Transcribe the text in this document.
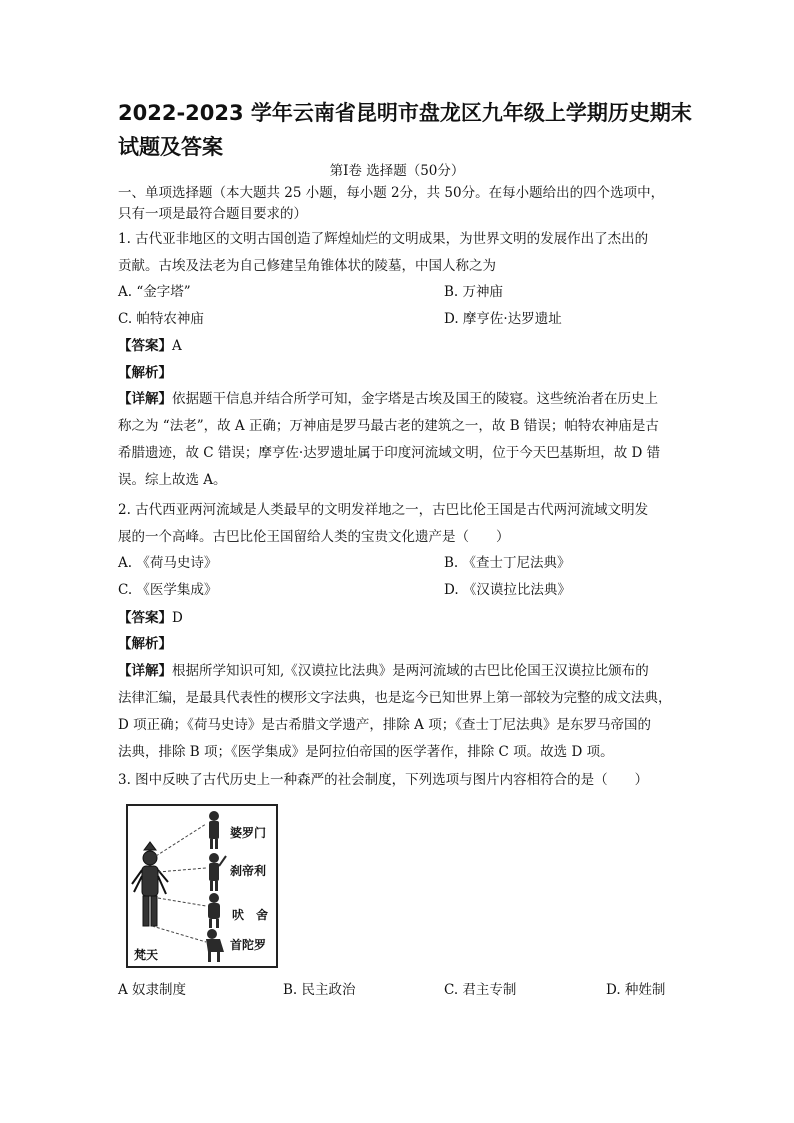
2022-2023 学年云南省昆明市盘龙区九年级上学期历史期末试题及答案
第Ⅰ卷 选择题（50分）
一、单项选择题（本大题共 25 小题，每小题 2分，共 50分。在每小题给出的四个选项中，
只有一项是最符合题目要求的）
1. 古代亚非地区的文明古国创造了辉煌灿烂的文明成果，为世界文明的发展作出了杰出的
贡献。古埃及法老为自己修建呈角锥体状的陵墓，中国人称之为
A. “金字塔”	B. 万神庙
C. 帕特农神庙	D. 摩亨佐·达罗遗址
【答案】A
【解析】
【详解】依据题干信息并结合所学可知，金字塔是古埃及国王的陵寝。这些统治者在历史上
称之为 “法老”，故 A 正确；万神庙是罗马最古老的建筑之一，故 B 错误；帕特农神庙是古
希腊遗迹，故 C 错误；摩亨佐·达罗遗址属于印度河流域文明，位于今天巴基斯坦，故 D 错
误。综上故选 A。
2. 古代西亚两河流域是人类最早的文明发祥地之一，古巴比伦王国是古代两河流域文明发
展的一个高峰。古巴比伦王国留给人类的宝贵文化遗产是（　　）
A. 《荷马史诗》	B. 《查士丁尼法典》
C. 《医学集成》	D. 《汉谟拉比法典》
【答案】D
【解析】
【详解】根据所学知识可知,《汉谟拉比法典》是两河流域的古巴比伦国王汉谟拉比颁布的
法律汇编，是最具代表性的楔形文字法典，也是迄今已知世界上第一部较为完整的成文法典，
D 项正确；《荷马史诗》是古希腊文学遗产，排除 A 项；《查士丁尼法典》是东罗马帝国的
法典，排除 B 项；《医学集成》是阿拉伯帝国的医学著作，排除 C 项。故选 D 项。
3. 图中反映了古代历史上一种森严的社会制度，下列选项与图片内容相符合的是（　　）
婆罗门
刹帝利
吠　舍
首陀罗
梵天
A 奴隶制度	B. 民主政治	C. 君主专制	D. 种姓制
